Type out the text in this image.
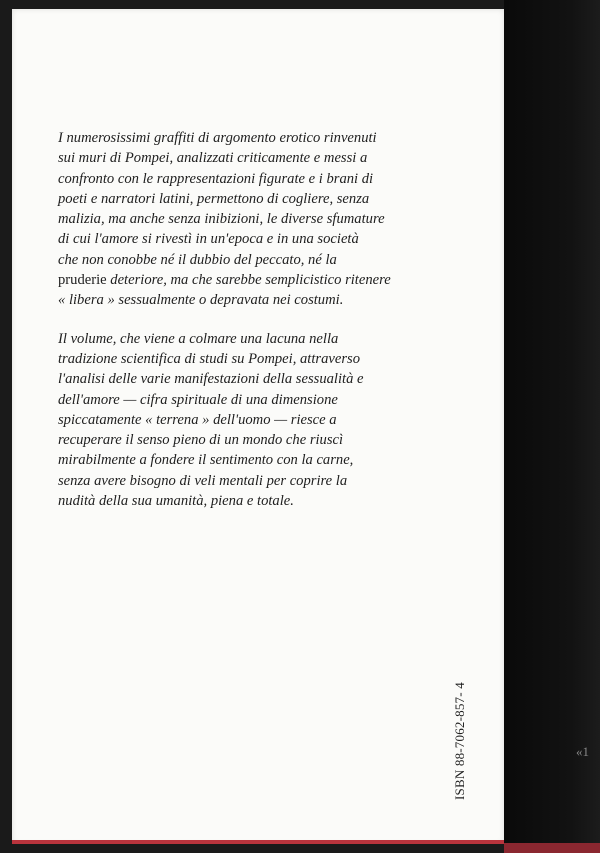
«1

I numerosissimi graffiti di argomento erotico rinvenuti
sui muri di Pompei, analizzati criticamente e messi a
confronto con le rappresentazioni figurate e i brani di
poeti e narratori latini, permettono di cogliere, senza
malizia, ma anche senza inibizioni, le diverse sfumature
di cui l'amore si rivestì in un'epoca e in una società
che non conobbe né il dubbio del peccato, né la
pruderie deteriore, ma che sarebbe semplicistico ritenere
« libera » sessualmente o depravata nei costumi.

Il volume, che viene a colmare una lacuna nella
tradizione scientifica di studi su Pompei, attraverso
l'analisi delle varie manifestazioni della sessualità e
dell'amore — cifra spirituale di una dimensione
spiccatamente « terrena » dell'uomo — riesce a
recuperare il senso pieno di un mondo che riuscì
mirabilmente a fondere il sentimento con la carne,
senza avere bisogno di veli mentali per coprire la
nudità della sua umanità, piena e totale.

ISBN 88-7062-857- 4
